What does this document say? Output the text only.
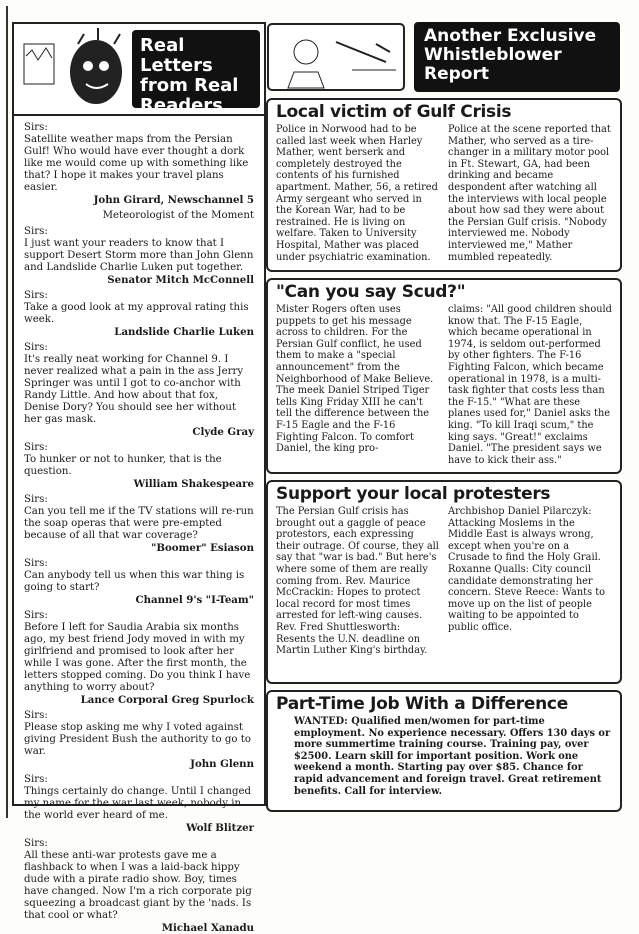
Real Letters from Real Readers
Sirs:
Satellite weather maps from the Persian Gulf! Who would have ever thought a dork like me would come up with something like that? I hope it makes your travel plans easier.
John Girard, Newschannel 5
Meteorologist of the Moment
Sirs:
I just want your readers to know that I support Desert Storm more than John Glenn and Landslide Charlie Luken put together.
Senator Mitch McConnell
Sirs:
Take a good look at my approval rating this week.
Landslide Charlie Luken
Sirs:
It's really neat working for Channel 9. I never realized what a pain in the ass Jerry Springer was until I got to co-anchor with Randy Little. And how about that fox, Denise Dory? You should see her without her gas mask.
Clyde Gray
Sirs:
To hunker or not to hunker, that is the question.
William Shakespeare
Sirs:
Can you tell me if the TV stations will re-run the soap operas that were pre-empted because of all that war coverage?
"Boomer" Esiason
Sirs:
Can anybody tell us when this war thing is going to start?
Channel 9's "I-Team"
Sirs:
Before I left for Saudia Arabia six months ago, my best friend Jody moved in with my girlfriend and promised to look after her while I was gone. After the first month, the letters stopped coming. Do you think I have anything to worry about?
Lance Corporal Greg Spurlock
Sirs:
Please stop asking me why I voted against giving President Bush the authority to go to war.
John Glenn
Sirs:
Things certainly do change. Until I changed my name for the war last week, nobody in the world ever heard of me.
Wolf Blitzer
Sirs:
All these anti-war protests gave me a flashback to when I was a laid-back hippy dude with a pirate radio show. Boy, times have changed. Now I'm a rich corporate pig squeezing a broadcast giant by the 'nads. Is that cool or what?
Michael Xanadu
Another Exclusive Whistleblower Report
Local victim of Gulf Crisis
Police in Norwood had to be called last week when Harley Mather, went berserk and completely destroyed the contents of his furnished apartment. Mather, 56, a retired Army sergeant who served in the Korean War, had to be restrained. He is living on welfare. Taken to University Hospital, Mather was placed under psychiatric examination.
Police at the scene reported that Mather, who served as a tire-changer in a military motor pool in Ft. Stewart, GA, had been drinking and became despondent after watching all the interviews with local people about how sad they were about the Persian Gulf crisis. "Nobody interviewed me. Nobody interviewed me," Mather mumbled repeatedly.
"Can you say Scud?"
Mister Rogers often uses puppets to get his message across to children. For the Persian Gulf conflict, he used them to make a "special announcement" from the Neighborhood of Make Believe. The meek Daniel Striped Tiger tells King Friday XIII he can't tell the difference between the F-15 Eagle and the F-16 Fighting Falcon. To comfort Daniel, the king pro-
claims: "All good children should know that. The F-15 Eagle, which became operational in 1974, is seldom out-performed by other fighters. The F-16 Fighting Falcon, which became operational in 1978, is a multi-task fighter that costs less than the F-15." "What are these planes used for," Daniel asks the king. "To kill Iraqi scum," the king says. "Great!" exclaims Daniel. "The president says we have to kick their ass."
Support your local protesters
The Persian Gulf crisis has brought out a gaggle of peace protestors, each expressing their outrage. Of course, they all say that "war is bad." But here's where some of them are really coming from. Rev. Maurice McCrackin: Hopes to protect local record for most times arrested for left-wing causes. Rev. Fred Shuttlesworth: Resents the U.N. deadline on Martin Luther King's birthday.
Archbishop Daniel Pilarczyk: Attacking Moslems in the Middle East is always wrong, except when you're on a Crusade to find the Holy Grail. Roxanne Qualls: City council candidate demonstrating her concern. Steve Reece: Wants to move up on the list of people waiting to be appointed to public office.
Part-Time Job With a Difference
WANTED: Qualified men/women for part-time employment. No experience necessary. Offers 130 days or more summertime training course. Training pay, over $2500. Learn skill for important position. Work one weekend a month. Starting pay over $85. Chance for rapid advancement and foreign travel. Great retirement benefits. Call for interview.
